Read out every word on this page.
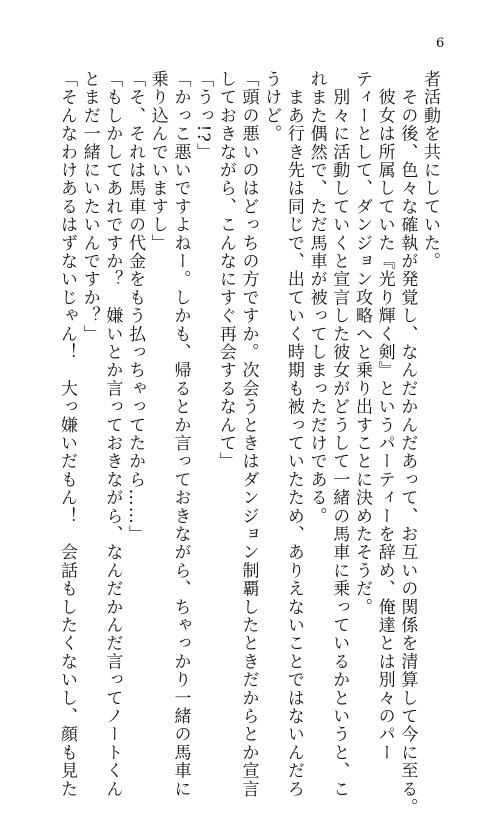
6
者活動を共にしていた。
　その後、色々な確執が発覚し、なんだかんだあって、お互いの関係を清算して今に至る。
　彼女は所属していた『光り輝く剣』というパーティーを辞め、俺達とは別々のパー
ティーとして、ダンジョン攻略へと乗り出すことに決めたそうだ。
　別々に活動していくと宣言した彼女がどうして一緒の馬車に乗っているかというと、こ
れまた偶然で、ただ馬車が被ってしまっただけである。
　まあ行き先は同じで、出ていく時期も被っていたため、ありえないことではないんだろ
うけど。
「頭の悪いのはどっちの方ですか。次会うときはダンジョン制覇したときだからとか宣言
しておきながら、こんなにすぐ再会するなんて」
「うっ!?」
「かっこ悪いですよねー。しかも、帰るとか言っておきながら、ちゃっかり一緒の馬車に
乗り込んでいますし」
「そ、それは馬車の代金をもう払っちゃってたから……」
「もしかしてあれですか？　嫌いとか言っておきながら、なんだかんだ言ってノートくん
とまだ一緒にいたいんですか？」
「そんなわけあるはずないじゃん！　大っ嫌いだもん！　会話もしたくないし、顔も見た
